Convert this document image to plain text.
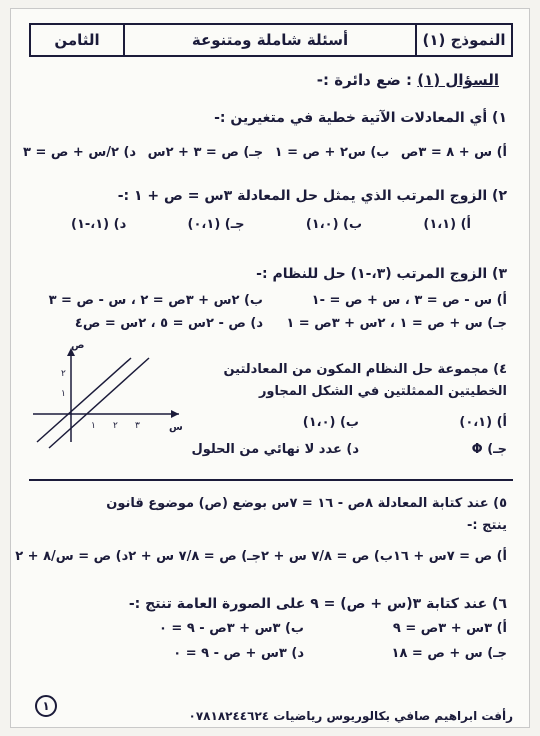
النموذج (١)
أسئلة شاملة ومتنوعة
الثامن
السؤال (١) : ضع دائرة :-
١) أي المعادلات الآتية خطية في متغيرين :-
أ) س + ٨ = ٣ص
ب) س٢ + ص = ١
جـ) ص = ٣ + ٢س
د) ٢/س + ص = ٣
٢) الزوج المرتب الذي يمثل حل المعادلة ٣س = ص + ١ :-
أ) (١،١)
ب) (١،٠)
جـ) (٠،١)
د) (١،-١)
٣) الزوج المرتب (٣،-١) حل للنظام :-
أ) س - ص = ٣ ، س + ص = -١
ب) ٢س + ٣ص = ٢ ، س - ص = ٣
جـ) س + ص = ١ ، ٢س + ٣ص = ١
د) ص - ٢س = ٥ ، ٢س = ص٤
٤) مجموعة حل النظام المكون من المعادلتين الخطيتين الممثلتين في الشكل المجاور
أ) (٠،١)
ب) (١،٠)
جـ) Φ
د) عدد لا نهائي من الحلول
ص
س
١ ٢ ٣
١
٢
٥) عند كتابة المعادلة ٨ص - ١٦ = ٧س بوضع (ص) موضوع قانون ينتج :-
أ) ص = ٧س + ١٦
ب) ص = ٧/٨ س + ٢
جـ) ص = ٧/٨ س + ٢
د) ص = س/٨ + ٢
٦) عند كتابة ٣(س + ص) = ٩ على الصورة العامة تنتج :-
أ) ٣س + ٣ص = ٩
ب) ٣س + ٣ص - ٩ = ٠
جـ) س + ص = ١٨
د) ٣س + ص - ٩ = ٠
١
رأفت ابراهيم صافي بكالوريوس رياضيات ٠٧٨١٨٢٤٤٦٢٤
